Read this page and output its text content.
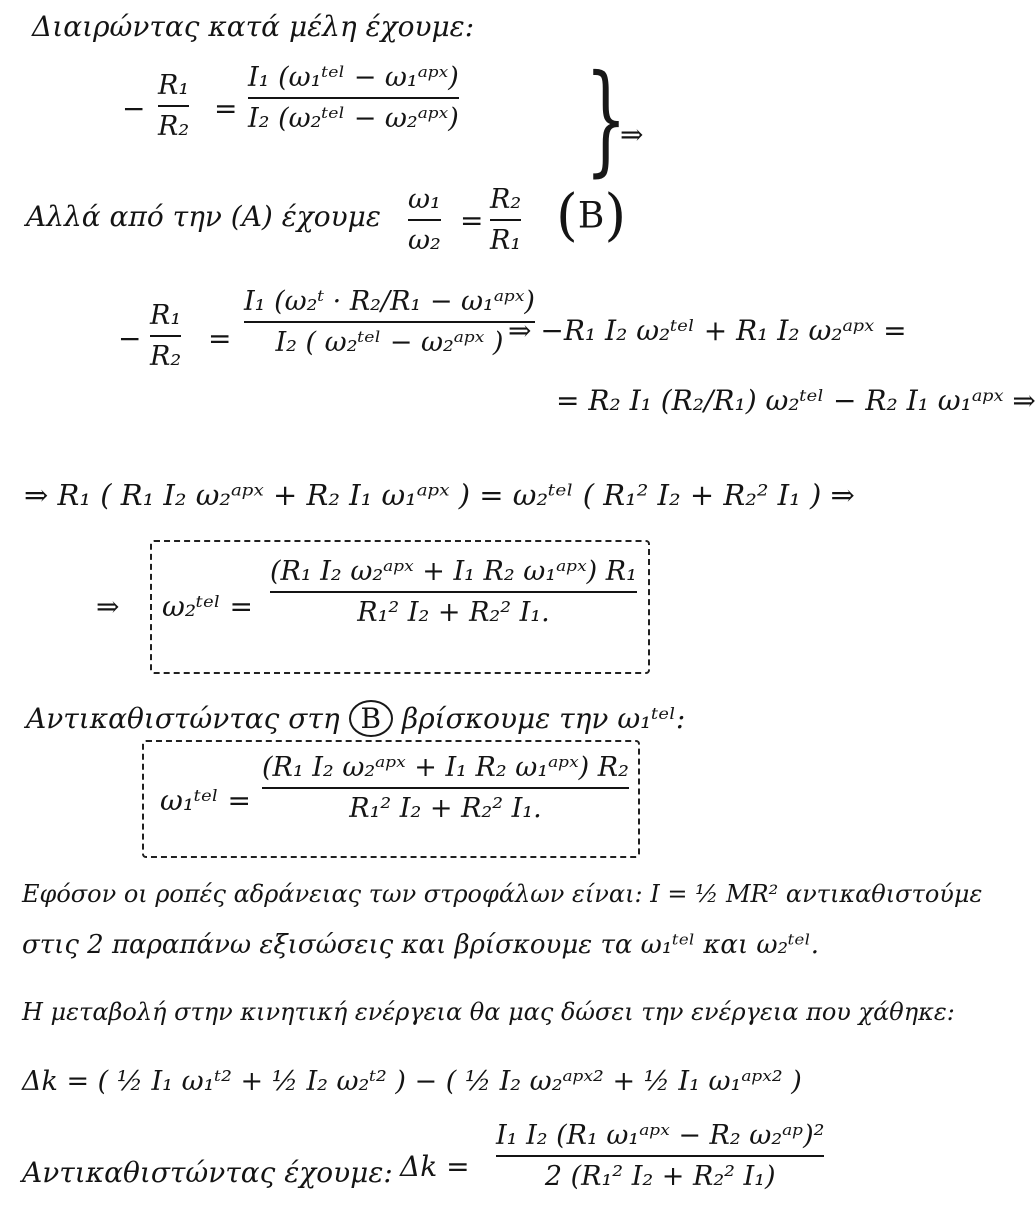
Διαιρώντας κατά μέλη έχουμε:
−
R₁
R₂
=
I₁ (ω₁ᵗᵉˡ − ω₁ᵃᵖˣ)
I₂ (ω₂ᵗᵉˡ − ω₂ᵃᵖˣ) }
⇒
Αλλά από την (A) έχουμε
ω₁
ω₂
=
R₂
R₁ (B)
−
R₁
R₂
=
I₁ (ω₂ᵗ · R₂/R₁ − ω₁ᵃᵖˣ)
I₂ ( ω₂ᵗᵉˡ − ω₂ᵃᵖˣ ) ⇒ −R₁ I₂ ω₂ᵗᵉˡ + R₁ I₂ ω₂ᵃᵖˣ =
= R₂ I₁ (R₂/R₁) ω₂ᵗᵉˡ − R₂ I₁ ω₁ᵃᵖˣ ⇒
⇒ R₁ ( R₁ I₂ ω₂ᵃᵖˣ + R₂ I₁ ω₁ᵃᵖˣ ) = ω₂ᵗᵉˡ ( R₁² I₂ + R₂² I₁ ) ⇒
⇒ ω₂ᵗᵉˡ =
(R₁ I₂ ω₂ᵃᵖˣ + I₁ R₂ ω₁ᵃᵖˣ) R₁
R₁² I₂ + R₂² I₁.
Αντικαθιστώντας στη B βρίσκουμε την ω₁ᵗᵉˡ:
ω₁ᵗᵉˡ =
(R₁ I₂ ω₂ᵃᵖˣ + I₁ R₂ ω₁ᵃᵖˣ) R₂
R₁² I₂ + R₂² I₁.
Εφόσον οι ροπές αδράνειας των στροφάλων είναι: I = ½ MR² αντικαθιστούμε
στις 2 παραπάνω εξισώσεις και βρίσκουμε τα ω₁ᵗᵉˡ και ω₂ᵗᵉˡ.
Η μεταβολή στην κινητική ενέργεια θα μας δώσει την ενέργεια που χάθηκε:
Δk = ( ½ I₁ ω₁ᵗ² + ½ I₂ ω₂ᵗ² ) − ( ½ I₂ ω₂ᵃᵖˣ² + ½ I₁ ω₁ᵃᵖˣ² )
Αντικαθιστώντας έχουμε: Δk =
I₁ I₂ (R₁ ω₁ᵃᵖˣ − R₂ ω₂ᵃᵖ)²
2 (R₁² I₂ + R₂² I₁)
